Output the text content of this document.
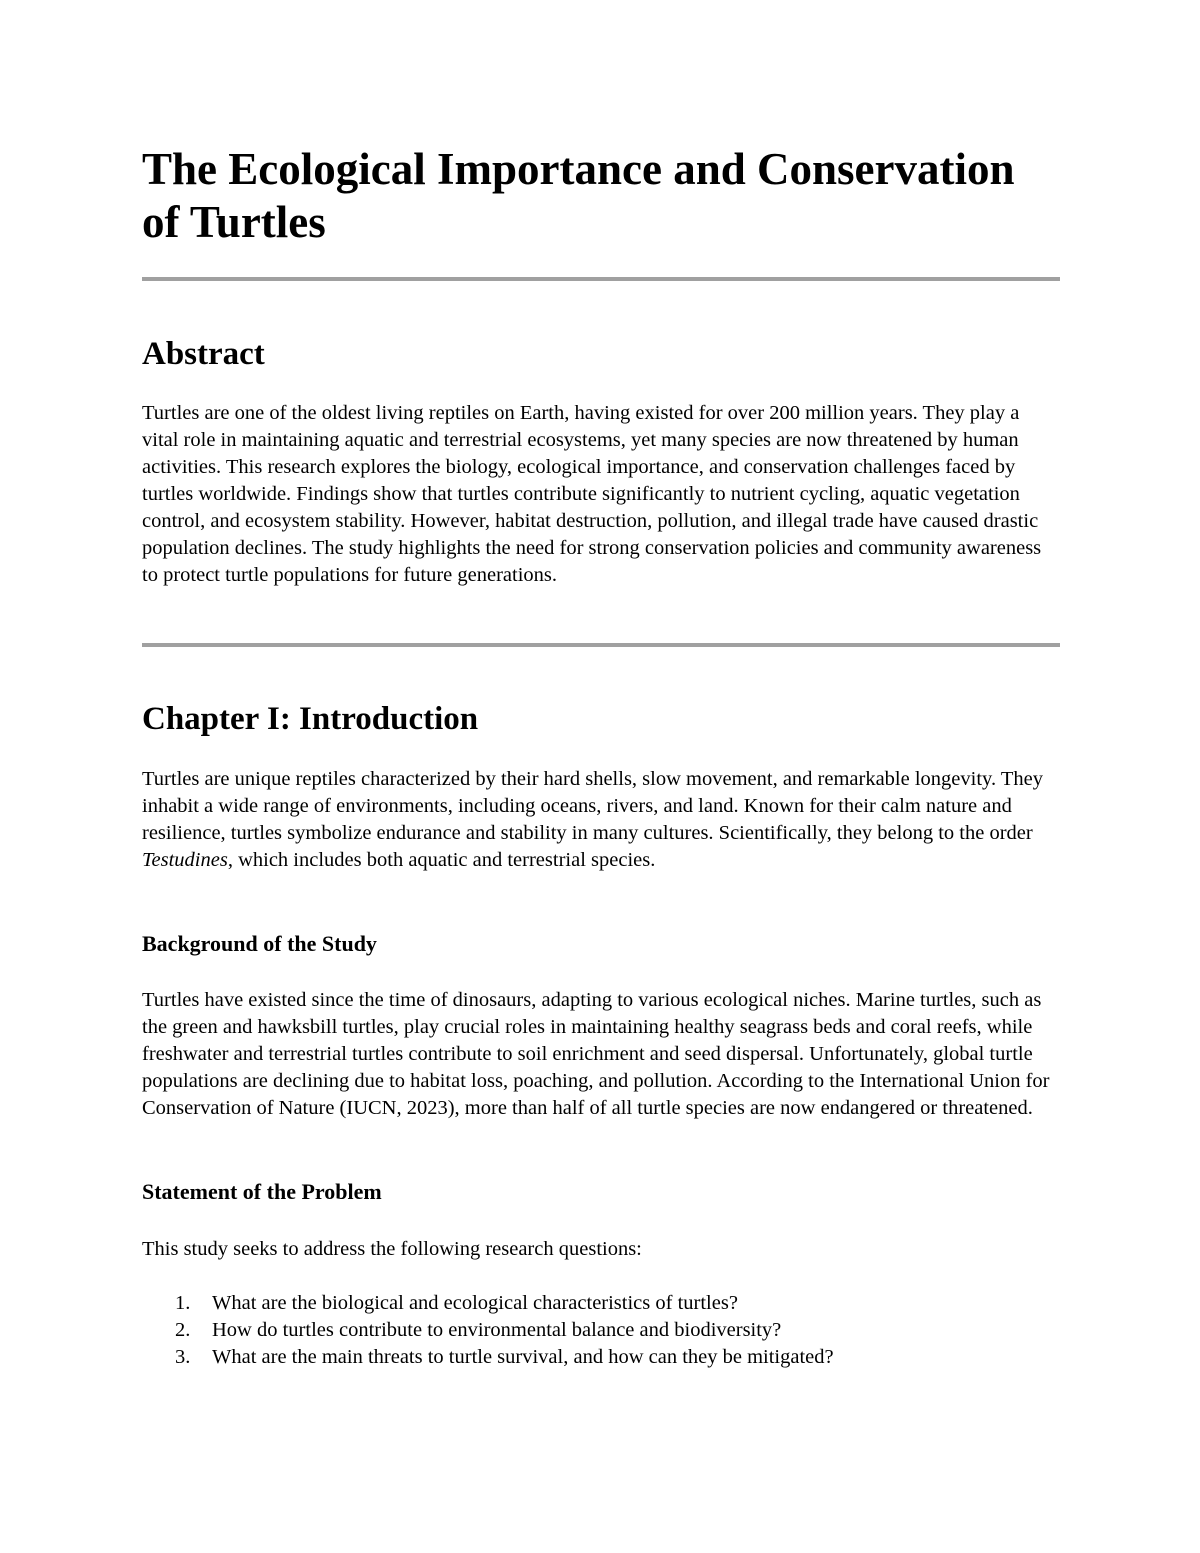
The Ecological Importance and Conservation of Turtles
Abstract

Turtles are one of the oldest living reptiles on Earth, having existed for over 200 million years. They play a vital role in maintaining aquatic and terrestrial ecosystems, yet many species are now threatened by human activities. This research explores the biology, ecological importance, and conservation challenges faced by turtles worldwide. Findings show that turtles contribute significantly to nutrient cycling, aquatic vegetation control, and ecosystem stability. However, habitat destruction, pollution, and illegal trade have caused drastic population declines. The study highlights the need for strong conservation policies and community awareness to protect turtle populations for future generations.

Chapter I: Introduction

Turtles are unique reptiles characterized by their hard shells, slow movement, and remarkable longevity. They inhabit a wide range of environments, including oceans, rivers, and land. Known for their calm nature and resilience, turtles symbolize endurance and stability in many cultures. Scientifically, they belong to the order Testudines, which includes both aquatic and terrestrial species.

Background of the Study

Turtles have existed since the time of dinosaurs, adapting to various ecological niches. Marine turtles, such as the green and hawksbill turtles, play crucial roles in maintaining healthy seagrass beds and coral reefs, while freshwater and terrestrial turtles contribute to soil enrichment and seed dispersal. Unfortunately, global turtle populations are declining due to habitat loss, poaching, and pollution. According to the International Union for Conservation of Nature (IUCN, 2023), more than half of all turtle species are now endangered or threatened.

Statement of the Problem

This study seeks to address the following research questions:

1. What are the biological and ecological characteristics of turtles?
2. How do turtles contribute to environmental balance and biodiversity?
3. What are the main threats to turtle survival, and how can they be mitigated?
